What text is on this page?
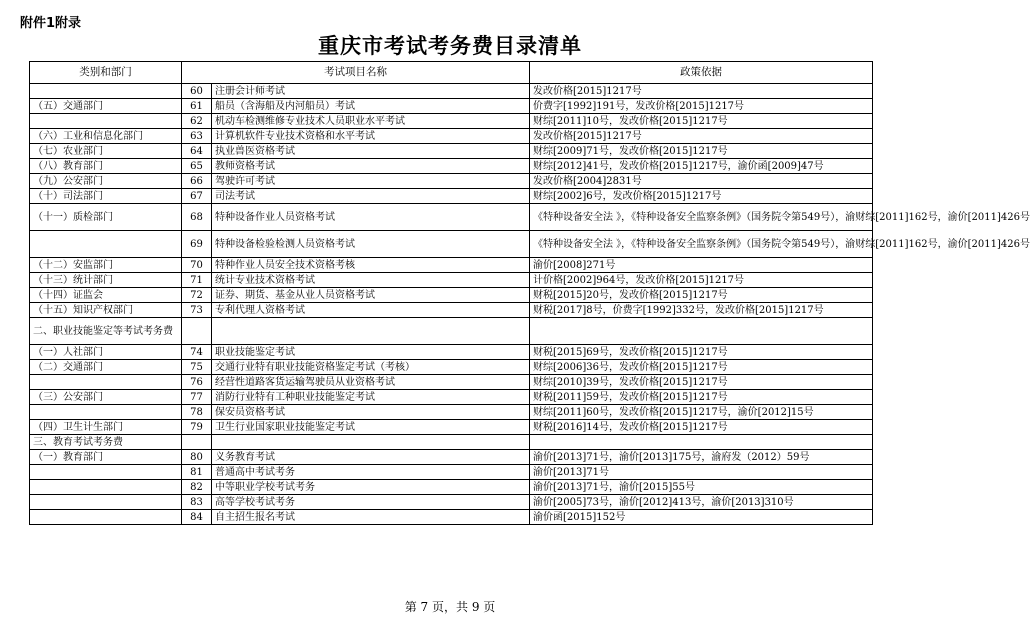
附件1附录
重庆市考试考务费目录清单
类别和部门	考试项目名称		政策依据
	60	注册会计师考试	发改价格[2015]1217号
（五）交通部门	61	船员（含海船及内河船员）考试	价费字[1992]191号，发改价格[2015]1217号
	62	机动车检测维修专业技术人员职业水平考试	财综[2011]10号，发改价格[2015]1217号
（六）工业和信息化部门	63	计算机软件专业技术资格和水平考试	发改价格[2015]1217号
（七）农业部门	64	执业兽医资格考试	财综[2009]71号，发改价格[2015]1217号
（八）教育部门	65	教师资格考试	财综[2012]41号，发改价格[2015]1217号，渝价函[2009]47号
（九）公安部门	66	驾驶许可考试	发改价格[2004]2831号
（十）司法部门	67	司法考试	财综[2002]6号，发改价格[2015]1217号
（十一）质检部门	68	特种设备作业人员资格考试	《特种设备安全法 》，《特种设备安全监察条例》（国务院令第549号），渝财综[2011]162号，渝价[2011]426号
	69	特种设备检验检测人员资格考试	《特种设备安全法 》，《特种设备安全监察条例》（国务院令第549号），渝财综[2011]162号，渝价[2011]426号
（十二）安监部门	70	特种作业人员安全技术资格考核	渝价[2008]271号
（十三）统计部门	71	统计专业技术资格考试	计价格[2002]964号，发改价格[2015]1217号
（十四）证监会	72	证券、期货、基金从业人员资格考试	财税[2015]20号，发改价格[2015]1217号
（十五）知识产权部门	73	专利代理人资格考试	财税[2017]8号，价费字[1992]332号，发改价格[2015]1217号
二、职业技能鉴定等考试考务费			
（一）人社部门	74	职业技能鉴定考试	财税[2015]69号，发改价格[2015]1217号
（二）交通部门	75	交通行业特有职业技能资格鉴定考试（考核）	财综[2006]36号，发改价格[2015]1217号
	76	经营性道路客货运输驾驶员从业资格考试	财综[2010]39号，发改价格[2015]1217号
（三）公安部门	77	消防行业特有工种职业技能鉴定考试	财税[2011]59号，发改价格[2015]1217号
	78	保安员资格考试	财综[2011]60号，发改价格[2015]1217号，渝价[2012]15号
（四）卫生计生部门	79	卫生行业国家职业技能鉴定考试	财税[2016]14号，发改价格[2015]1217号
三、教育考试考务费			
（一）教育部门	80	义务教育考试	渝价[2013]71号，渝价[2013]175号，渝府发（2012）59号
	81	普通高中考试考务	渝价[2013]71号
	82	中等职业学校考试考务	渝价[2013]71号，渝价[2015]55号
	83	高等学校考试考务	渝价[2005]73号，渝价[2012]413号，渝价[2013]310号
	84	自主招生报名考试	渝价函[2015]152号
第 7 页，共 9 页
